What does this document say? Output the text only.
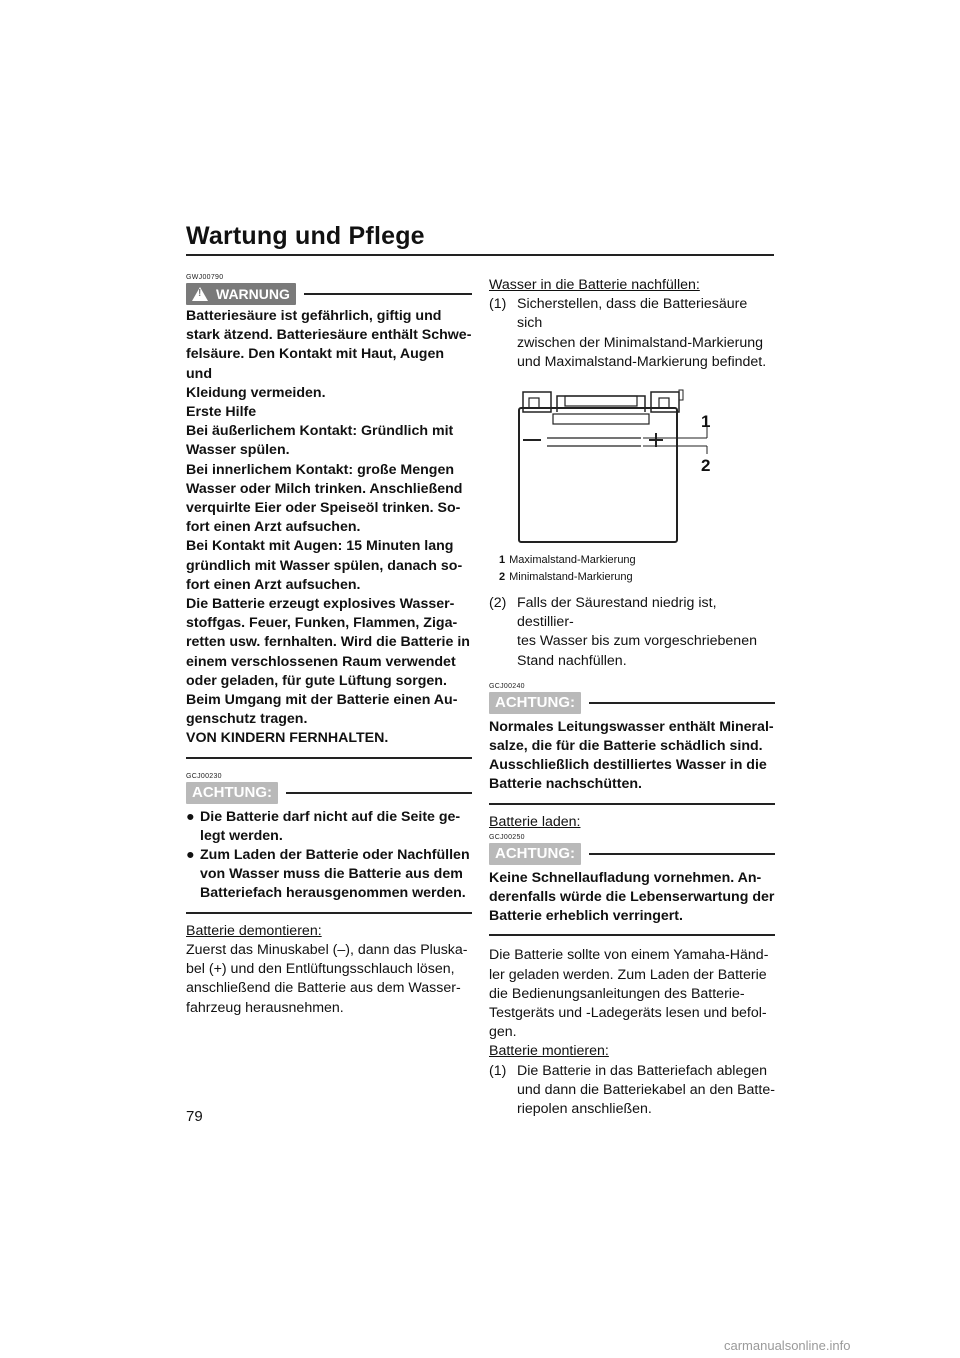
Wartung und Pflege
GWJ00790
! WARNUNG
Batteriesäure ist gefährlich, giftig und
stark ätzend. Batteriesäure enthält Schwe-
felsäure. Den Kontakt mit Haut, Augen und
Kleidung vermeiden.
Erste Hilfe
Bei äußerlichem Kontakt: Gründlich mit
Wasser spülen.
Bei innerlichem Kontakt: große Mengen
Wasser oder Milch trinken. Anschließend
verquirlte Eier oder Speiseöl trinken. So-
fort einen Arzt aufsuchen.
Bei Kontakt mit Augen: 15 Minuten lang
gründlich mit Wasser spülen, danach so-
fort einen Arzt aufsuchen.
Die Batterie erzeugt explosives Wasser-
stoffgas. Feuer, Funken, Flammen, Ziga-
retten usw. fernhalten. Wird die Batterie in
einem verschlossenen Raum verwendet
oder geladen, für gute Lüftung sorgen.
Beim Umgang mit der Batterie einen Au-
genschutz tragen.
VON KINDERN FERNHALTEN.
GCJ00230
ACHTUNG:
● Die Batterie darf nicht auf die Seite ge-
legt werden.
● Zum Laden der Batterie oder Nachfüllen
von Wasser muss die Batterie aus dem
Batteriefach herausgenommen werden.
Batterie demontieren:
Zuerst das Minuskabel (–), dann das Pluska-
bel (+) und den Entlüftungsschlauch lösen,
anschließend die Batterie aus dem Wasser-
fahrzeug herausnehmen.
Wasser in die Batterie nachfüllen:
(1) Sicherstellen, dass die Batteriesäure sich
zwischen der Minimalstand-Markierung
und Maximalstand-Markierung befindet.
1
2
1 Maximalstand-Markierung
2 Minimalstand-Markierung
(2) Falls der Säurestand niedrig ist, destillier-
tes Wasser bis zum vorgeschriebenen
Stand nachfüllen.
GCJ00240
ACHTUNG:
Normales Leitungswasser enthält Mineral-
salze, die für die Batterie schädlich sind.
Ausschließlich destilliertes Wasser in die
Batterie nachschütten.
Batterie laden:
GCJ00250
ACHTUNG:
Keine Schnellaufladung vornehmen. An-
derenfalls würde die Lebenserwartung der
Batterie erheblich verringert.
Die Batterie sollte von einem Yamaha-Händ-
ler geladen werden. Zum Laden der Batterie
die Bedienungsanleitungen des Batterie-
Testgeräts und -Ladegeräts lesen und befol-
gen.
Batterie montieren:
(1) Die Batterie in das Batteriefach ablegen
und dann die Batteriekabel an den Batte-
riepolen anschließen.
79
carmanualsonline.info
